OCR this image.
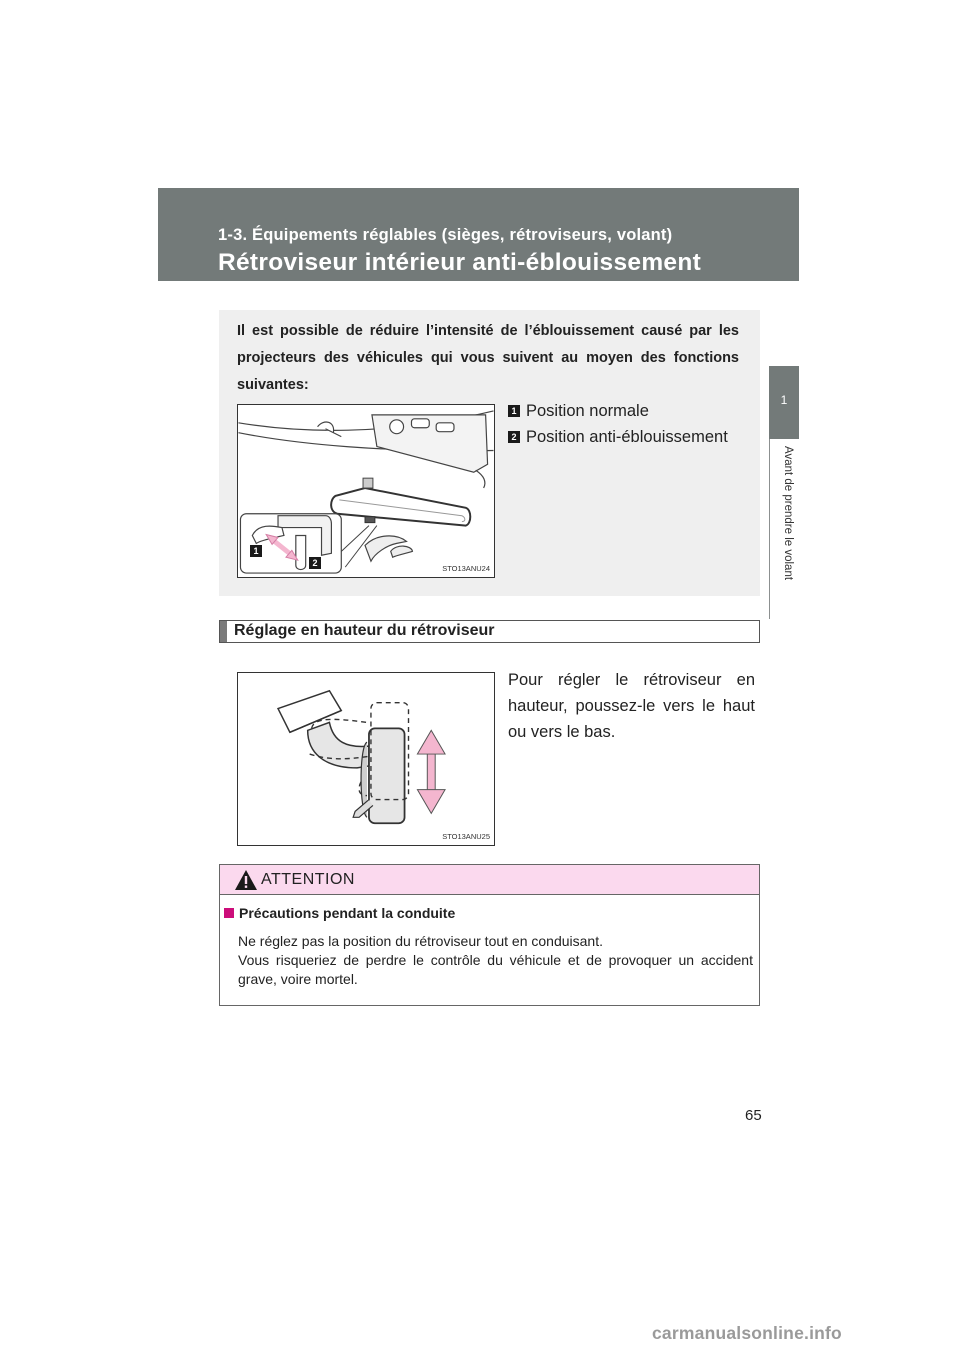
1-3. Équipements réglables (sièges, rétroviseurs, volant)
Rétroviseur intérieur anti-éblouissement
1
Avant de prendre le volant
Il est possible de réduire l’intensité de l’éblouissement causé par les projecteurs des véhicules qui vous suivent au moyen des fonctions suivantes:
1
2
STO13ANU24
1 Position normale
2 Position anti-éblouissement
Réglage en hauteur du rétroviseur
STO13ANU25
Pour régler le rétroviseur en hauteur, poussez-le vers le haut ou vers le bas.
ATTENTION
Précautions pendant la conduite
Ne réglez pas la position du rétroviseur tout en conduisant.
Vous risqueriez de perdre le contrôle du véhicule et de provoquer un accident grave, voire mortel.
65
carmanualsonline.info
